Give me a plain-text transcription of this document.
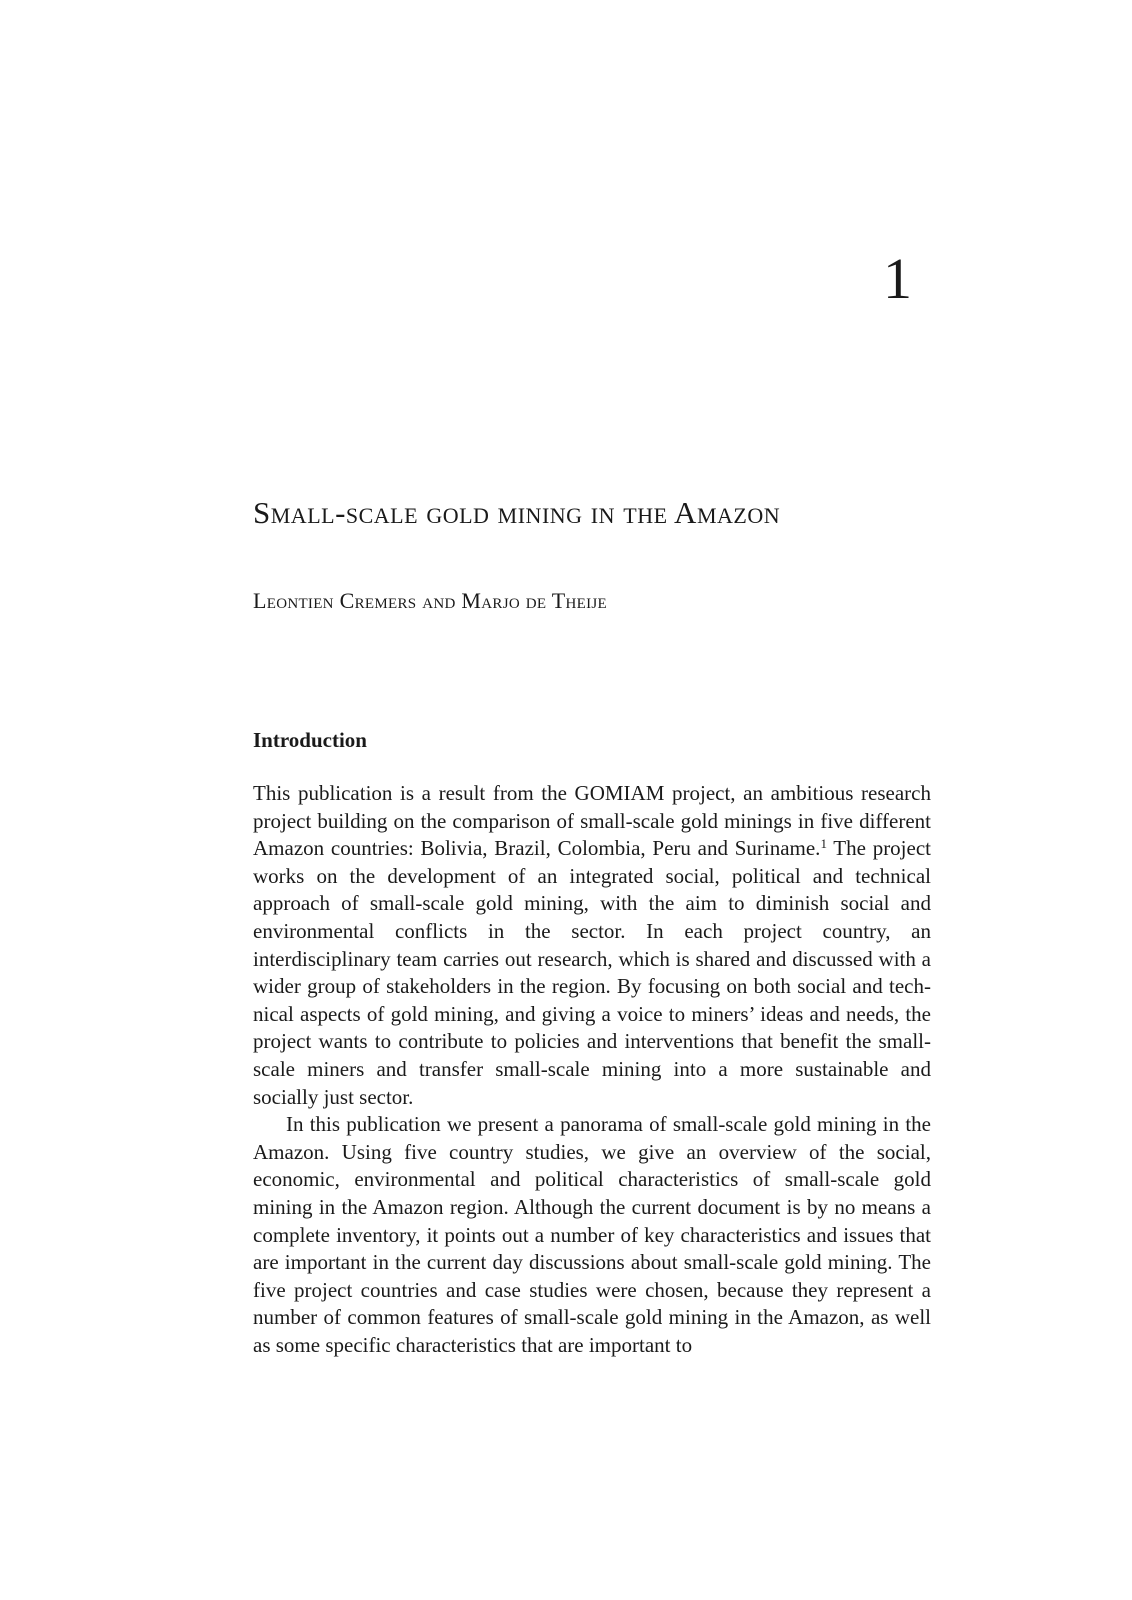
1
Small-scale gold mining in the Amazon
Leontien Cremers and Marjo de Theije
Introduction

This publication is a result from the GOMIAM project, an ambitious research project building on the comparison of small-scale gold minings in five different Amazon countries: Bolivia, Brazil, Colombia, Peru and Suriname.$^1$ The project works on the development of an integrated social, political and technical approach of small-scale gold mining, with the aim to diminish social and environmental conflicts in the sector. In each project country, an interdisciplinary team carries out research, which is shared and discussed with a wider group of stakeholders in the region. By focusing on both social and technical aspects of gold mining, and giving a voice to miners’ ideas and needs, the project wants to contribute to policies and interventions that benefit the small-scale miners and transfer small-scale mining into a more sustainable and socially just sector.

In this publication we present a panorama of small-scale gold mining in the Amazon. Using five country studies, we give an overview of the social, economic, environmental and political characteristics of small-scale gold mining in the Amazon region. Although the current document is by no means a complete inventory, it points out a number of key characteristics and issues that are important in the current day discussions about small-scale gold mining. The five project countries and case studies were chosen, because they represent a number of common features of small-scale gold mining in the Amazon, as well as some specific characteristics that are important to
